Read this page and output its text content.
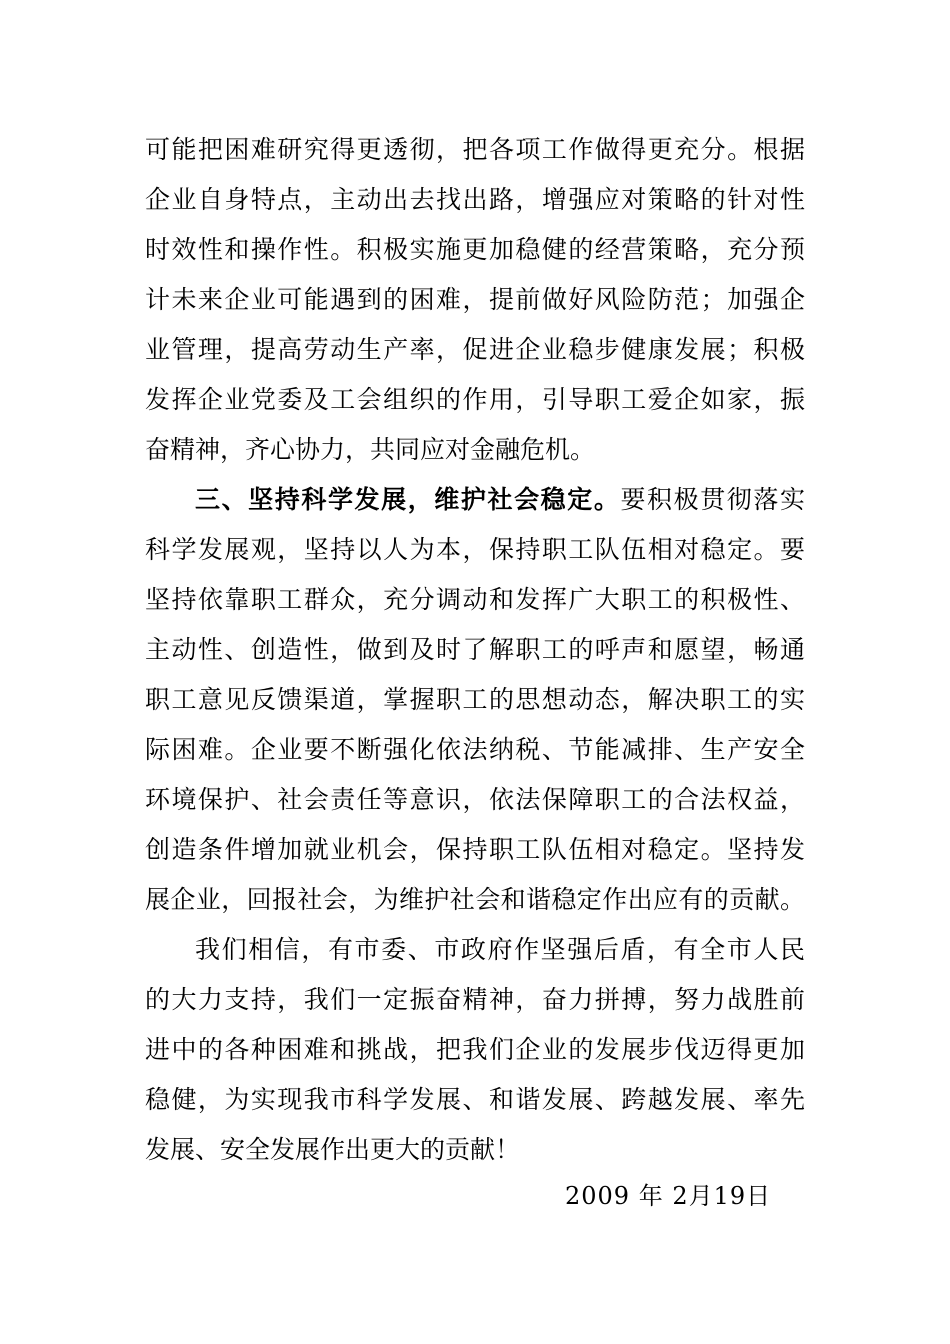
可能把困难研究得更透彻，把各项工作做得更充分。根据
企业自身特点，主动出去找出路，增强应对策略的针对性
时效性和操作性。积极实施更加稳健的经营策略，充分预
计未来企业可能遇到的困难，提前做好风险防范；加强企
业管理，提高劳动生产率，促进企业稳步健康发展；积极
发挥企业党委及工会组织的作用，引导职工爱企如家，振
奋精神，齐心协力，共同应对金融危机。
三、坚持科学发展，维护社会稳定。要积极贯彻落实
科学发展观，坚持以人为本，保持职工队伍相对稳定。要
坚持依靠职工群众，充分调动和发挥广大职工的积极性、
主动性、创造性，做到及时了解职工的呼声和愿望，畅通
职工意见反馈渠道，掌握职工的思想动态，解决职工的实
际困难。企业要不断强化依法纳税、节能减排、生产安全
环境保护、社会责任等意识，依法保障职工的合法权益，
创造条件增加就业机会，保持职工队伍相对稳定。坚持发
展企业，回报社会，为维护社会和谐稳定作出应有的贡献。
我们相信，有市委、市政府作坚强后盾，有全市人民
的大力支持，我们一定振奋精神，奋力拼搏，努力战胜前
进中的各种困难和挑战，把我们企业的发展步伐迈得更加
稳健，为实现我市科学发展、和谐发展、跨越发展、率先
发展、安全发展作出更大的贡献！
2009 年 2月19日
